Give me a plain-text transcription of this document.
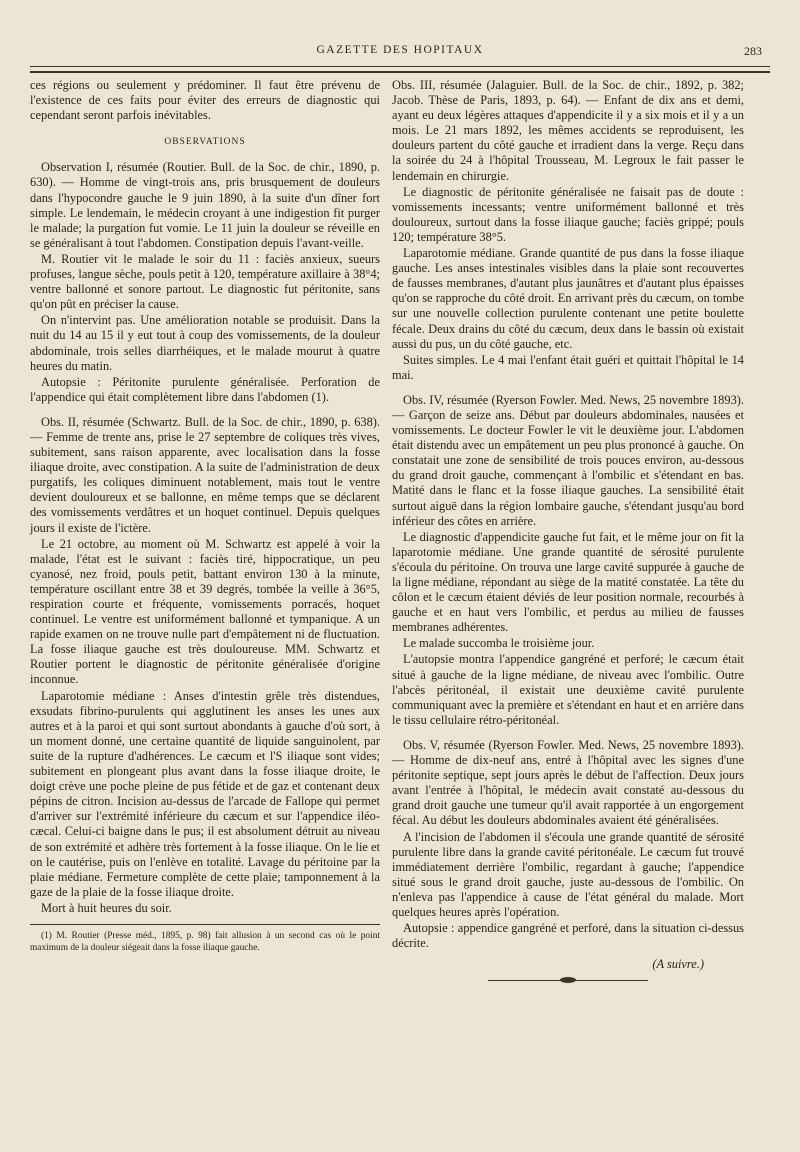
GAZETTE DES HOPITAUX	283

ces régions ou seulement y prédominer. Il faut être prévenu de l'existence de ces faits pour éviter des erreurs de diagnostic qui cependant seront parfois inévitables.

OBSERVATIONS

Observation I, résumée (Routier. Bull. de la Soc. de chir., 1890, p. 630). — Homme de vingt-trois ans, pris brusquement de douleurs dans l'hypocondre gauche le 9 juin 1890, à la suite d'un dîner fort simple. Le lendemain, le médecin croyant à une indigestion fit purger le malade; la purgation fut vomie. Le 11 juin la douleur se réveille en se généralisant à tout l'abdomen. Constipation depuis l'avant-veille.

M. Routier vit le malade le soir du 11 : faciès anxieux, sueurs profuses, langue sèche, pouls petit à 120, température axillaire à 38°4; ventre ballonné et sonore partout. Le diagnostic fut péritonite, sans qu'on pût en préciser la cause.

On n'intervint pas. Une amélioration notable se produisit. Dans la nuit du 14 au 15 il y eut tout à coup des vomissements, de la douleur abdominale, trois selles diarrhéiques, et le malade mourut à quatre heures du matin.

Autopsie : Péritonite purulente généralisée. Perforation de l'appendice qui était complètement libre dans l'abdomen (1).

Obs. II, résumée (Schwartz. Bull. de la Soc. de chir., 1890, p. 638). — Femme de trente ans, prise le 27 septembre de coliques très vives, subitement, sans raison apparente, avec localisation dans la fosse iliaque droite, avec constipation. A la suite de l'administration de deux purgatifs, les coliques diminuent notablement, mais tout le ventre devient douloureux et se ballonne, en même temps que se déclarent des vomissements verdâtres et un hoquet continuel. Depuis quelques jours il existe de l'ictère.

Le 21 octobre, au moment où M. Schwartz est appelé à voir la malade, l'état est le suivant : faciès tiré, hippocratique, un peu cyanosé, nez froid, pouls petit, battant environ 130 à la minute, température oscillant entre 38 et 39 degrés, tombée la veille à 36°5, respiration courte et fréquente, vomissements porracés, hoquet continuel. Le ventre est uniformément ballonné et tympanique. A un rapide examen on ne trouve nulle part d'empâtement ni de fluctuation. La fosse iliaque gauche est très douloureuse. MM. Schwartz et Routier portent le diagnostic de péritonite généralisée d'origine inconnue.

Laparotomie médiane : Anses d'intestin grêle très distendues, exsudats fibrino-purulents qui agglutinent les anses les unes aux autres et à la paroi et qui sont surtout abondants à gauche d'où sort, à un moment donné, une certaine quantité de liquide sanguinolent, par suite de la rupture d'adhérences. Le cæcum et l'S iliaque sont vides; subitement en plongeant plus avant dans la fosse iliaque droite, le doigt crève une poche pleine de pus fétide et de gaz et contenant deux pépins de citron. Incision au-dessus de l'arcade de Fallope qui permet d'arriver sur l'extrémité inférieure du cæcum et sur l'appendice iléo-cæcal. Celui-ci baigne dans le pus; il est absolument détruit au niveau de son extrémité et adhère très fortement à la fosse iliaque. On le lie et on le cautérise, puis on l'enlève en totalité. Lavage du péritoine par la plaie médiane. Fermeture complète de cette plaie; tamponnement à la gaze de la plaie de la fosse iliaque droite.

Mort à huit heures du soir.

(1) M. Routier (Presse méd., 1895, p. 98) fait allusion à un second cas où le point maximum de la douleur siégeait dans la fosse iliaque gauche.

Obs. III, résumée (Jalaguier. Bull. de la Soc. de chir., 1892, p. 382; Jacob. Thèse de Paris, 1893, p. 64). — Enfant de dix ans et demi, ayant eu deux légères attaques d'appendicite il y a six mois et il y a un mois. Le 21 mars 1892, les mêmes accidents se reproduisent, les douleurs partent du côté gauche et irradient dans la verge. Reçu dans la soirée du 24 à l'hôpital Trousseau, M. Legroux le fait passer le lendemain en chirurgie.

Le diagnostic de péritonite généralisée ne faisait pas de doute : vomissements incessants; ventre uniformément ballonné et très douloureux, surtout dans la fosse iliaque gauche; faciès grippé; pouls 120; température 38°5.

Laparotomie médiane. Grande quantité de pus dans la fosse iliaque gauche. Les anses intestinales visibles dans la plaie sont recouvertes de fausses membranes, d'autant plus jaunâtres et d'autant plus épaisses qu'on se rapproche du côté droit. En arrivant près du cæcum, on tombe sur une nouvelle collection purulente contenant une petite boulette fécale. Deux drains du côté du cæcum, deux dans le bassin où existait aussi du pus, un du côté gauche, etc.

Suites simples. Le 4 mai l'enfant était guéri et quittait l'hôpital le 14 mai.

Obs. IV, résumée (Ryerson Fowler. Med. News, 25 novembre 1893). — Garçon de seize ans. Début par douleurs abdominales, nausées et vomissements. Le docteur Fowler le vit le deuxième jour. L'abdomen était distendu avec un empâtement un peu plus prononcé à gauche. On constatait une zone de sensibilité de trois pouces environ, au-dessous du grand droit gauche, commençant à l'ombilic et s'étendant en bas. Matité dans le flanc et la fosse iliaque gauches. La sensibilité était surtout aiguë dans la région lombaire gauche, s'étendant jusqu'au bord inférieur des côtes en arrière.

Le diagnostic d'appendicite gauche fut fait, et le même jour on fit la laparotomie médiane. Une grande quantité de sérosité purulente s'écoula du péritoine. On trouva une large cavité suppurée à gauche de la ligne médiane, répondant au siège de la matité constatée. La tête du côlon et le cæcum étaient déviés de leur position normale, recourbés à gauche et en haut vers l'ombilic, et perdus au milieu de fausses membranes adhérentes.

Le malade succomba le troisième jour.

L'autopsie montra l'appendice gangréné et perforé; le cæcum était situé à gauche de la ligne médiane, de niveau avec l'ombilic. Outre l'abcès péritonéal, il existait une deuxième cavité purulente communiquant avec la première et s'étendant en haut et en arrière dans le tissu cellulaire rétro-péritonéal.

Obs. V, résumée (Ryerson Fowler. Med. News, 25 novembre 1893). — Homme de dix-neuf ans, entré à l'hôpital avec les signes d'une péritonite septique, sept jours après le début de l'affection. Deux jours avant l'entrée à l'hôpital, le médecin avait constaté au-dessous du grand droit gauche une tumeur qu'il avait rapportée à un engorgement fécal. Au début les douleurs abdominales avaient été généralisées.

A l'incision de l'abdomen il s'écoula une grande quantité de sérosité purulente libre dans la grande cavité péritonéale. Le cæcum fut trouvé immédiatement derrière l'ombilic, regardant à gauche; l'appendice situé sous le grand droit gauche, juste au-dessous de l'ombilic. On n'enleva pas l'appendice à cause de l'état général du malade. Mort quelques heures après l'opération.

Autopsie : appendice gangréné et perforé, dans la situation ci-dessus décrite.

(A suivre.)
